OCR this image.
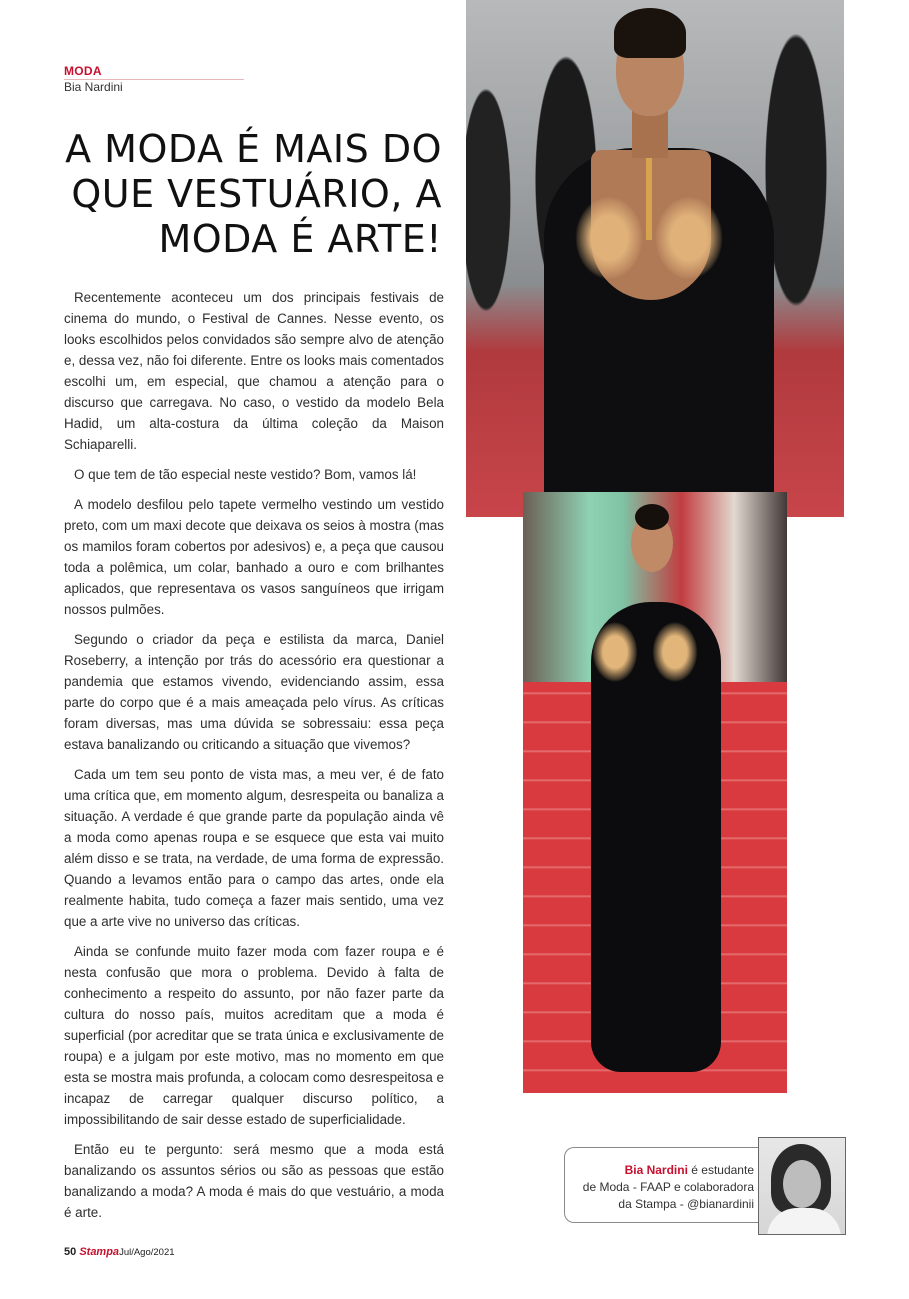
MODA
Bia Nardini
A MODA É MAIS DO QUE VESTUÁRIO, A MODA É ARTE!

Recentemente aconteceu um dos principais festivais de cinema do mundo, o Festival de Cannes. Nesse evento, os looks escolhidos pelos convidados são sempre alvo de atenção e, dessa vez, não foi diferente. Entre os looks mais comentados escolhi um, em especial, que chamou a atenção para o discurso que carregava. No caso, o vestido da modelo Bela Hadid, um alta-costura da última coleção da Maison Schiaparelli.

O que tem de tão especial neste vestido? Bom, vamos lá!

A modelo desfilou pelo tapete vermelho vestindo um vestido preto, com um maxi decote que deixava os seios à mostra (mas os mamilos foram cobertos por adesivos) e, a peça que causou toda a polêmica, um colar, banhado a ouro e com brilhantes aplicados, que representava os vasos sanguíneos que irrigam nossos pulmões.

Segundo o criador da peça e estilista da marca, Daniel Roseberry, a intenção por trás do acessório era questionar a pandemia que estamos vivendo, evidenciando assim, essa parte do corpo que é a mais ameaçada pelo vírus. As críticas foram diversas, mas uma dúvida se sobressaiu: essa peça estava banalizando ou criticando a situação que vivemos?

Cada um tem seu ponto de vista mas, a meu ver, é de fato uma crítica que, em momento algum, desrespeita ou banaliza a situação. A verdade é que grande parte da população ainda vê a moda como apenas roupa e se esquece que esta vai muito além disso e se trata, na verdade, de uma forma de expressão. Quando a levamos então para o campo das artes, onde ela realmente habita, tudo começa a fazer mais sentido, uma vez que a arte vive no universo das críticas.

Ainda se confunde muito fazer moda com fazer roupa e é nesta confusão que mora o problema. Devido à falta de conhecimento a respeito do assunto, por não fazer parte da cultura do nosso país, muitos acreditam que a moda é superficial (por acreditar que se trata única e exclusivamente de roupa) e a julgam por este motivo, mas no momento em que esta se mostra mais profunda, a colocam como desrespeitosa e incapaz de carregar qualquer discurso político, a impossibilitando de sair desse estado de superficialidade.

Então eu te pergunto: será mesmo que a moda está banalizando os assuntos sérios ou são as pessoas que estão banalizando a moda? A moda é mais do que vestuário, a moda é arte.

Bia Nardini é estudante
de Moda - FAAP e colaboradora
da Stampa - @bianardinii
50 StampaJul/Ago/2021
